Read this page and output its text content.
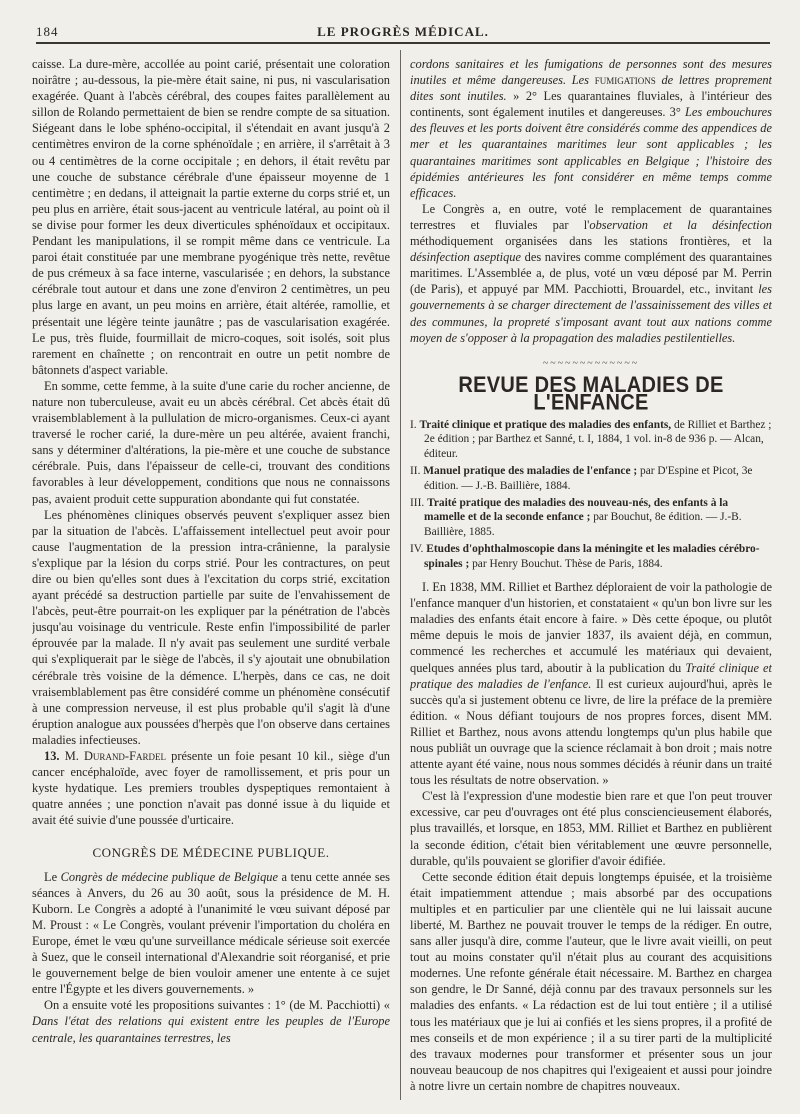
184	LE PROGRÈS MÉDICAL.

caisse. La dure-mère, accollée au point carié, présentait une coloration noirâtre ; au-dessous, la pie-mère était saine, ni pus, ni vascularisation exagérée. Quant à l'abcès cérébral, des coupes faites parallèlement au sillon de Rolando permettaient de bien se rendre compte de sa situation. Siégeant dans le lobe sphéno-occipital, il s'étendait en avant jusqu'à 2 centimètres environ de la corne sphénoïdale ; en arrière, il s'arrêtait à 3 ou 4 centimètres de la corne occipitale ; en dehors, il était revêtu par une couche de substance cérébrale d'une épaisseur moyenne de 1 centimètre ; en dedans, il atteignait la partie externe du corps strié et, un peu plus en arrière, était sous-jacent au ventricule latéral, au point où il se divise pour former les deux diverticules sphénoïdaux et occipitaux. Pendant les manipulations, il se rompit même dans ce ventricule. La paroi était constituée par une membrane pyogénique très nette, revêtue de pus crémeux à sa face interne, vascularisée ; en dehors, la substance cérébrale tout autour et dans une zone d'environ 2 centimètres, un peu plus large en avant, un peu moins en arrière, était altérée, ramollie, et présentait une légère teinte jaunâtre ; pas de vascularisation exagérée. Le pus, très fluide, fourmillait de micro-coques, soit isolés, soit plus rarement en chaînette ; on rencontrait en outre un petit nombre de bâtonnets d'aspect variable.

En somme, cette femme, à la suite d'une carie du rocher ancienne, de nature non tuberculeuse, avait eu un abcès cérébral. Cet abcès était dû vraisemblablement à la pullulation de micro-organismes. Ceux-ci ayant traversé le rocher carié, la dure-mère un peu altérée, avaient franchi, sans y déterminer d'altérations, la pie-mère et une couche de substance cérébrale. Puis, dans l'épaisseur de celle-ci, trouvant des conditions favorables à leur développement, conditions que nous ne connaissons pas, avaient produit cette suppuration abondante qui fut constatée.

Les phénomènes cliniques observés peuvent s'expliquer assez bien par la situation de l'abcès. L'affaissement intellectuel peut avoir pour cause l'augmentation de la pression intra-crânienne, la paralysie s'explique par la lésion du corps strié. Pour les contractures, on peut dire ou bien qu'elles sont dues à l'excitation du corps strié, excitation ayant précédé sa destruction partielle par suite de l'envahissement de l'abcès, peut-être pourrait-on les expliquer par la pénétration de l'abcès jusqu'au voisinage du ventricule. Reste enfin l'impossibilité de parler éprouvée par la malade. Il n'y avait pas seulement une surdité verbale qui s'expliquerait par le siège de l'abcès, il s'y ajoutait une obnubilation cérébrale très voisine de la démence. L'herpès, dans ce cas, ne doit vraisemblablement pas être considéré comme un phénomène consécutif à une compression nerveuse, il est plus probable qu'il s'agit là d'une éruption analogue aux poussées d'herpès que l'on observe dans certaines maladies infectieuses.

13. M. Durand-Fardel présente un foie pesant 10 kil., siège d'un cancer encéphaloïde, avec foyer de ramollissement, et pris pour un kyste hydatique. Les premiers troubles dyspeptiques remontaient à quatre années ; une ponction n'avait pas donné issue à du liquide et avait été suivie d'une poussée d'urticaire.

CONGRÈS DE MÉDECINE PUBLIQUE.

Le Congrès de médecine publique de Belgique a tenu cette année ses séances à Anvers, du 26 au 30 août, sous la présidence de M. H. Kuborn. Le Congrès a adopté à l'unanimité le vœu suivant déposé par M. Proust : « Le Congrès, voulant prévenir l'importation du choléra en Europe, émet le vœu qu'une surveillance médicale sérieuse soit exercée à Suez, que le conseil international d'Alexandrie soit réorganisé, et prie le gouvernement belge de bien vouloir amener une entente à ce sujet entre l'Égypte et les divers gouvernements. »

On a ensuite voté les propositions suivantes : 1° (de M. Pacchiotti) « Dans l'état des relations qui existent entre les peuples de l'Europe centrale, les quarantaines terrestres, les

cordons sanitaires et les fumigations de personnes sont des mesures inutiles et même dangereuses. Les fumigations de lettres proprement dites sont inutiles. » 2° Les quarantaines fluviales, à l'intérieur des continents, sont également inutiles et dangereuses. 3° Les embouchures des fleuves et les ports doivent être considérés comme des appendices de mer et les quarantaines maritimes leur sont applicables ; les quarantaines maritimes sont applicables en Belgique ; l'histoire des épidémies antérieures les font considérer en même temps comme efficaces.

Le Congrès a, en outre, voté le remplacement de quarantaines terrestres et fluviales par l'observation et la désinfection méthodiquement organisées dans les stations frontières, et la désinfection aseptique des navires comme complément des quarantaines maritimes. L'Assemblée a, de plus, voté un vœu déposé par M. Perrin (de Paris), et appuyé par MM. Pacchiotti, Brouardel, etc., invitant les gouvernements à se charger directement de l'assainissement des villes et des communes, la propreté s'imposant avant tout aux nations comme moyen de s'opposer à la propagation des maladies pestilentielles.

~~~~~~~~~~~~~
REVUE DES MALADIES DE L'ENFANCE
I. Traité clinique et pratique des maladies des enfants, de Rilliet et Barthez ; 2e édition ; par Barthez et Sanné, t. I, 1884, 1 vol. in-8 de 936 p. — Alcan, éditeur.
II. Manuel pratique des maladies de l'enfance ; par D'Espine et Picot, 3e édition. — J.-B. Baillière, 1884.
III. Traité pratique des maladies des nouveau-nés, des enfants à la mamelle et de la seconde enfance ; par Bouchut, 8e édition. — J.-B. Baillière, 1885.
IV. Etudes d'ophthalmoscopie dans la méningite et les maladies cérébro-spinales ; par Henry Bouchut. Thèse de Paris, 1884.

I. En 1838, MM. Rilliet et Barthez déploraient de voir la pathologie de l'enfance manquer d'un historien, et constataient « qu'un bon livre sur les maladies des enfants était encore à faire. » Dès cette époque, ou plutôt même depuis le mois de janvier 1837, ils avaient déjà, en commun, commencé les recherches et accumulé les matériaux qui devaient, quelques années plus tard, aboutir à la publication du Traité clinique et pratique des maladies de l'enfance. Il est curieux aujourd'hui, après le succès qu'a si justement obtenu ce livre, de lire la préface de la première édition. « Nous défiant toujours de nos propres forces, disent MM. Rilliet et Barthez, nous avons attendu longtemps qu'un plus habile que nous publiât un ouvrage que la science réclamait à bon droit ; mais notre attente ayant été vaine, nous nous sommes décidés à réunir dans un traité tous les résultats de notre observation. »

C'est là l'expression d'une modestie bien rare et que l'on peut trouver excessive, car peu d'ouvrages ont été plus consciencieusement élaborés, plus travaillés, et lorsque, en 1853, MM. Rilliet et Barthez en publièrent la seconde édition, c'était bien véritablement une œuvre personnelle, durable, qu'ils pouvaient se glorifier d'avoir édifiée.

Cette seconde édition était depuis longtemps épuisée, et la troisième était impatiemment attendue ; mais absorbé par des occupations multiples et en particulier par une clientèle qui ne lui laissait aucune liberté, M. Barthez ne pouvait trouver le temps de la rédiger. En outre, sans aller jusqu'à dire, comme l'auteur, que le livre avait vieilli, on peut tout au moins constater qu'il n'était plus au courant des acquisitions modernes. Une refonte générale était nécessaire. M. Barthez en chargea son gendre, le Dr Sanné, déjà connu par des travaux personnels sur les maladies des enfants. « La rédaction est de lui tout entière ; il a utilisé tous les matériaux que je lui ai confiés et les siens propres, il a profité de mes conseils et de mon expérience ; il a su tirer parti de la multiplicité des travaux modernes pour transformer et présenter sous un jour nouveau beaucoup de nos chapitres qui l'exigeaient et aussi pour joindre à notre livre un certain nombre de chapitres nouveaux.
